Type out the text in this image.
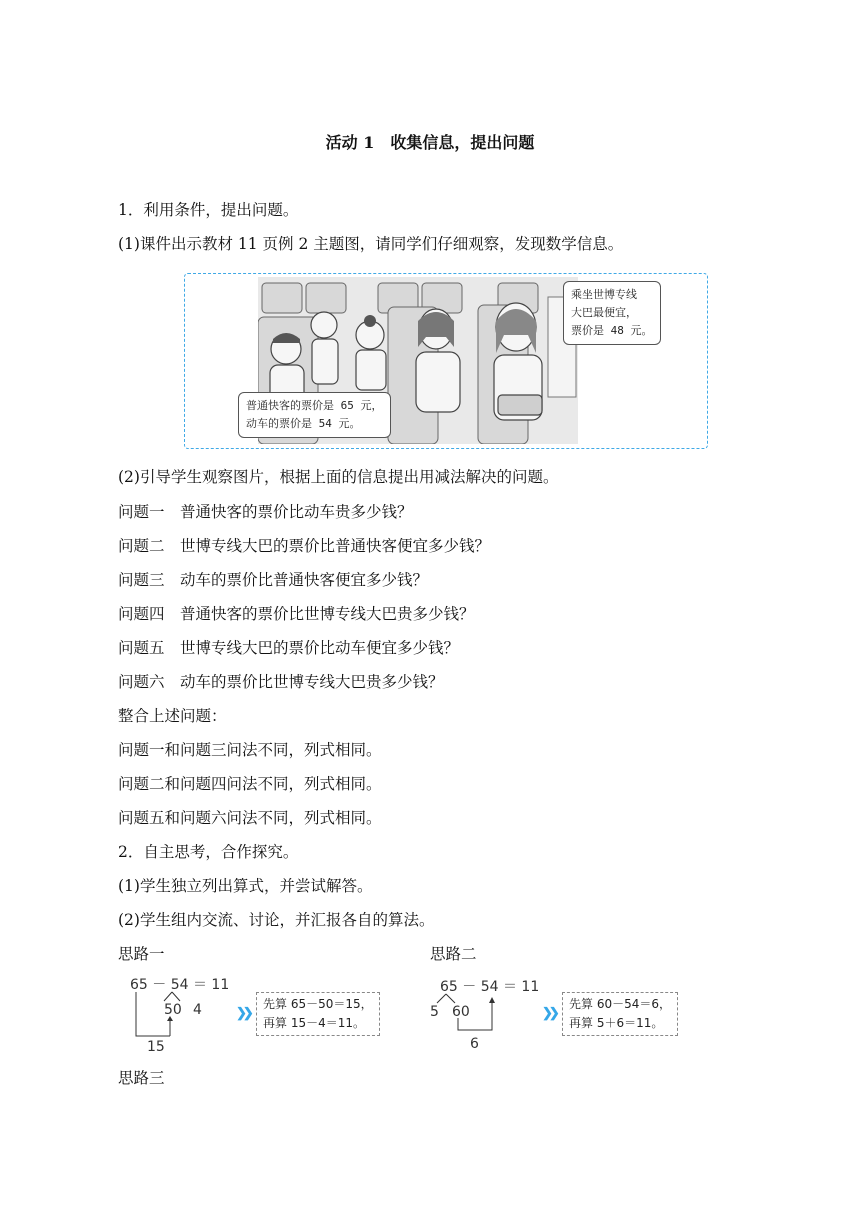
活动 1　收集信息，提出问题
1．利用条件，提出问题。
(1)课件出示教材 11 页例 2 主题图，请同学们仔细观察，发现数学信息。
普通快客的票价是 65 元，
动车的票价是 54 元。
乘坐世博专线
大巴最便宜，
票价是 48 元。
(2)引导学生观察图片，根据上面的信息提出用减法解决的问题。
问题一　普通快客的票价比动车贵多少钱？
问题二　世博专线大巴的票价比普通快客便宜多少钱？
问题三　动车的票价比普通快客便宜多少钱？
问题四　普通快客的票价比世博专线大巴贵多少钱？
问题五　世博专线大巴的票价比动车便宜多少钱？
问题六　动车的票价比世博专线大巴贵多少钱？
整合上述问题：
问题一和问题三问法不同，列式相同。
问题二和问题四问法不同，列式相同。
问题五和问题六问法不同，列式相同。
2．自主思考，合作探究。
(1)学生独立列出算式，并尝试解答。
(2)学生组内交流、讨论，并汇报各自的算法。
思路一
65 － 54 ＝ 11
50 4
15
❯❯
先算 65－50＝15，
再算 15－4＝11。
思路二
65 － 54 ＝ 11
5 60
6
❯❯
先算 60－54＝6，
再算 5＋6＝11。
思路三
